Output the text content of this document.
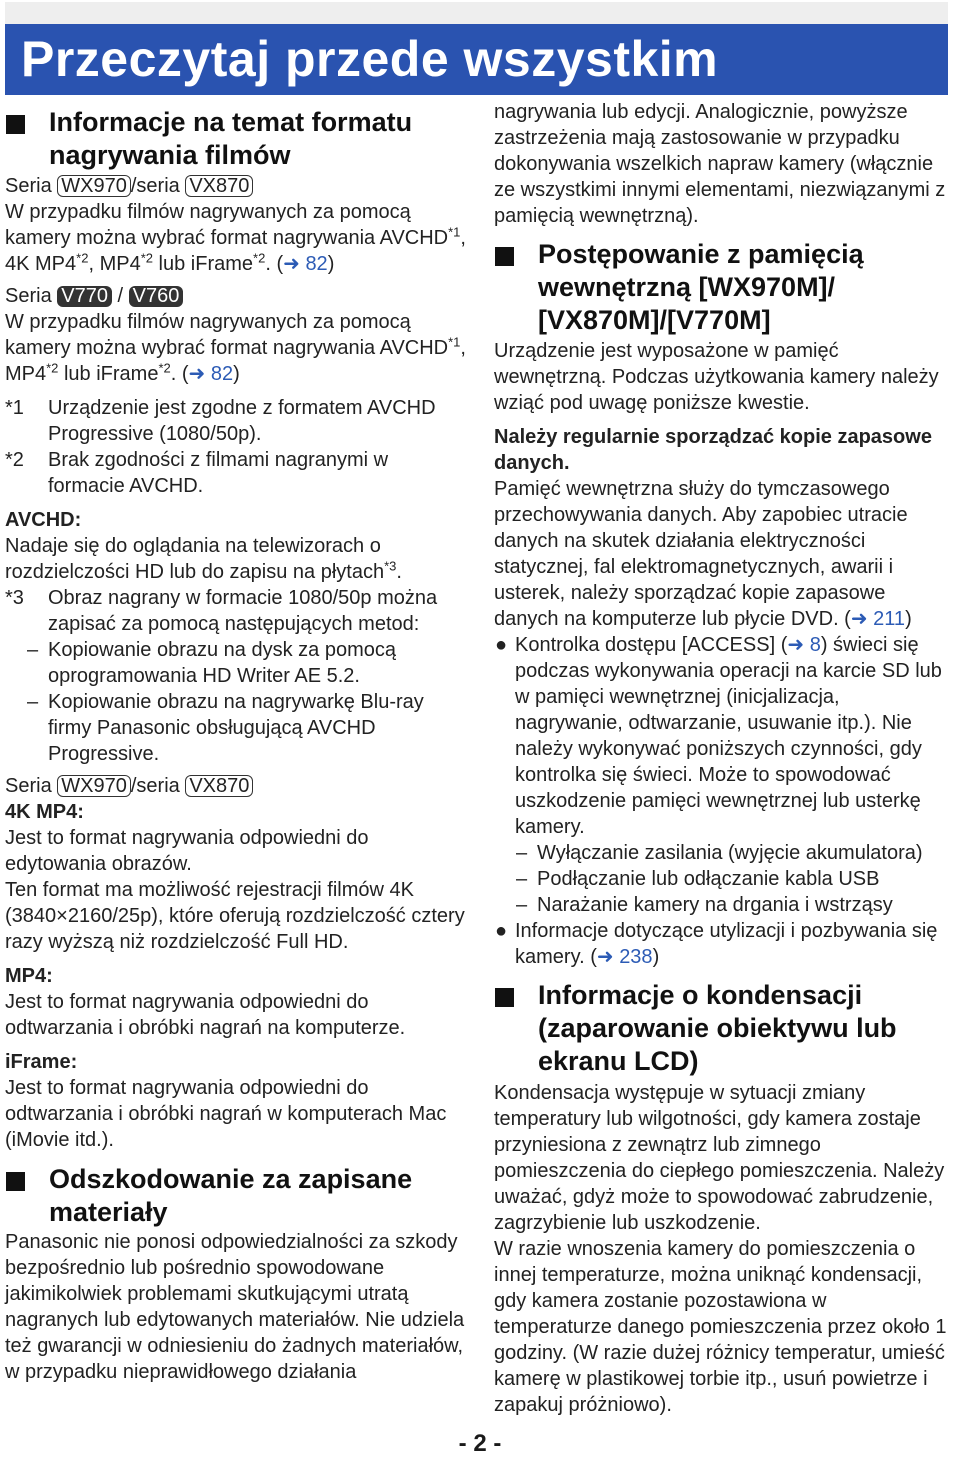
Przeczytaj przede wszystkim
Informacje na temat formatu nagrywania filmów

Seria WX970 /seria VX870

W przypadku filmów nagrywanych za pomocą kamery można wybrać format nagrywania AVCHD$^{*1}$, 4K MP4$^{*2}$, MP4$^{*2}$ lub iFrame$^{*2}$. (➜ 82)

Seria V770 / V760

W przypadku filmów nagrywanych za pomocą kamery można wybrać format nagrywania AVCHD$^{*1}$, MP4$^{*2}$ lub iFrame$^{*2}$. (➜ 82)

*1 Urządzenie jest zgodne z formatem AVCHD Progressive (1080/50p).

*2 Brak zgodności z filmami nagranymi w formacie AVCHD.

AVCHD:

Nadaje się do oglądania na telewizorach o rozdzielczości HD lub do zapisu na płytach$^{*3}$.

*3 Obraz nagrany w formacie 1080/50p można zapisać za pomocą następujących metod:

– Kopiowanie obrazu na dysk za pomocą oprogramowania HD Writer AE 5.2.

– Kopiowanie obrazu na nagrywarkę Blu-ray firmy Panasonic obsługującą AVCHD Progressive.

Seria WX970 /seria VX870

4K MP4:

Jest to format nagrywania odpowiedni do edytowania obrazów.

Ten format ma możliwość rejestracji filmów 4K (3840×2160/25p), które oferują rozdzielczość cztery razy wyższą niż rozdzielczość Full HD.

MP4:

Jest to format nagrywania odpowiedni do odtwarzania i obróbki nagrań na komputerze.

iFrame:

Jest to format nagrywania odpowiedni do odtwarzania i obróbki nagrań w komputerach Mac (iMovie itd.).

Odszkodowanie za zapisane materiały

Panasonic nie ponosi odpowiedzialności za szkody bezpośrednio lub pośrednio spowodowane jakimikolwiek problemami skutkującymi utratą nagranych lub edytowanych materiałów. Nie udziela też gwarancji w odniesieniu do żadnych materiałów, w przypadku nieprawidłowego działania

nagrywania lub edycji. Analogicznie, powyższe zastrzeżenia mają zastosowanie w przypadku dokonywania wszelkich napraw kamery (włącznie ze wszystkimi innymi elementami, niezwiązanymi z pamięcią wewnętrzną).

Postępowanie z pamięcią wewnętrzną [WX970M]/ [VX870M]/[V770M]

Urządzenie jest wyposażone w pamięć wewnętrzną. Podczas użytkowania kamery należy wziąć pod uwagę poniższe kwestie.

Należy regularnie sporządzać kopie zapasowe danych.

Pamięć wewnętrzna służy do tymczasowego przechowywania danych. Aby zapobiec utracie danych na skutek działania elektryczności statycznej, fal elektromagnetycznych, awarii i usterek, należy sporządzać kopie zapasowe danych na komputerze lub płycie DVD. (➜ 211)

● Kontrolka dostępu [ACCESS] (➜ 8) świeci się podczas wykonywania operacji na karcie SD lub w pamięci wewnętrznej (inicjalizacja, nagrywanie, odtwarzanie, usuwanie itp.). Nie należy wykonywać poniższych czynności, gdy kontrolka się świeci. Może to spowodować uszkodzenie pamięci wewnętrznej lub usterkę kamery.

– Wyłączanie zasilania (wyjęcie akumulatora)

– Podłączanie lub odłączanie kabla USB

– Narażanie kamery na drgania i wstrząsy

● Informacje dotyczące utylizacji i pozbywania się kamery. (➜ 238)

Informacje o kondensacji (zaparowanie obiektywu lub ekranu LCD)

Kondensacja występuje w sytuacji zmiany temperatury lub wilgotności, gdy kamera zostaje przyniesiona z zewnątrz lub zimnego pomieszczenia do ciepłego pomieszczenia. Należy uważać, gdyż może to spowodować zabrudzenie, zagrzybienie lub uszkodzenie.

W razie wnoszenia kamery do pomieszczenia o innej temperaturze, można uniknąć kondensacji, gdy kamera zostanie pozostawiona w temperaturze danego pomieszczenia przez około 1 godziny. (W razie dużej różnicy temperatur, umieść kamerę w plastikowej torbie itp., usuń powietrze i zapakuj próżniowo).

- 2 -
